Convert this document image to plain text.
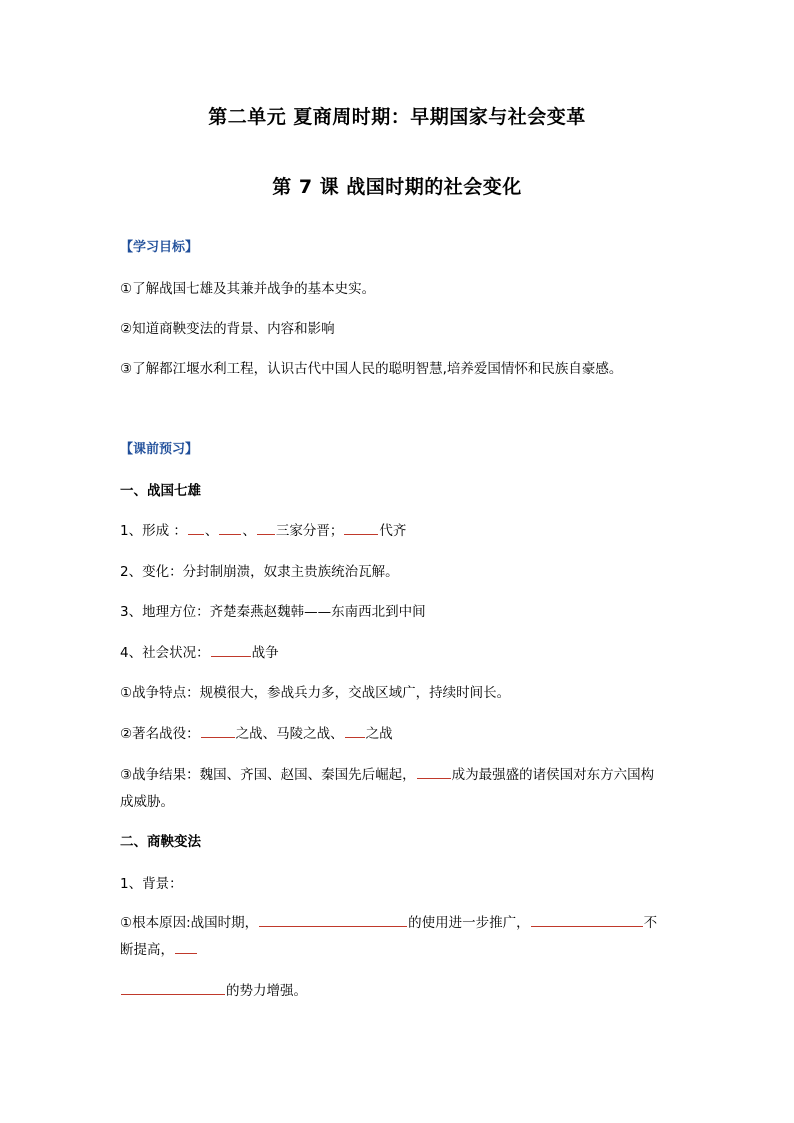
第二单元 夏商周时期：早期国家与社会变革
第 7 课 战国时期的社会变化
【学习目标】
①了解战国七雄及其兼并战争的基本史实。
②知道商鞅变法的背景、内容和影响
③了解都江堰水利工程，认识古代中国人民的聪明智慧,培养爱国情怀和民族自豪感。
【课前预习】
一、战国七雄
1、形成 ： 、 、 三家分晋；	代齐
2、变化：分封制崩溃，奴隶主贵族统治瓦解。
3、地理方位：齐楚秦燕赵魏韩——东南西北到中间
4、社会状况：	战争
①战争特点：规模很大，参战兵力多，交战区域广，持续时间长。
②著名战役：	之战、马陵之战、 之战
③战争结果：魏国、齐国、赵国、秦国先后崛起，	成为最强盛的诸侯国对东方六国构
成威胁。
二、商鞅变法
1、背景：
①根本原因:战国时期，	的使用进一步推广，	不
断提高，
的势力增强。
